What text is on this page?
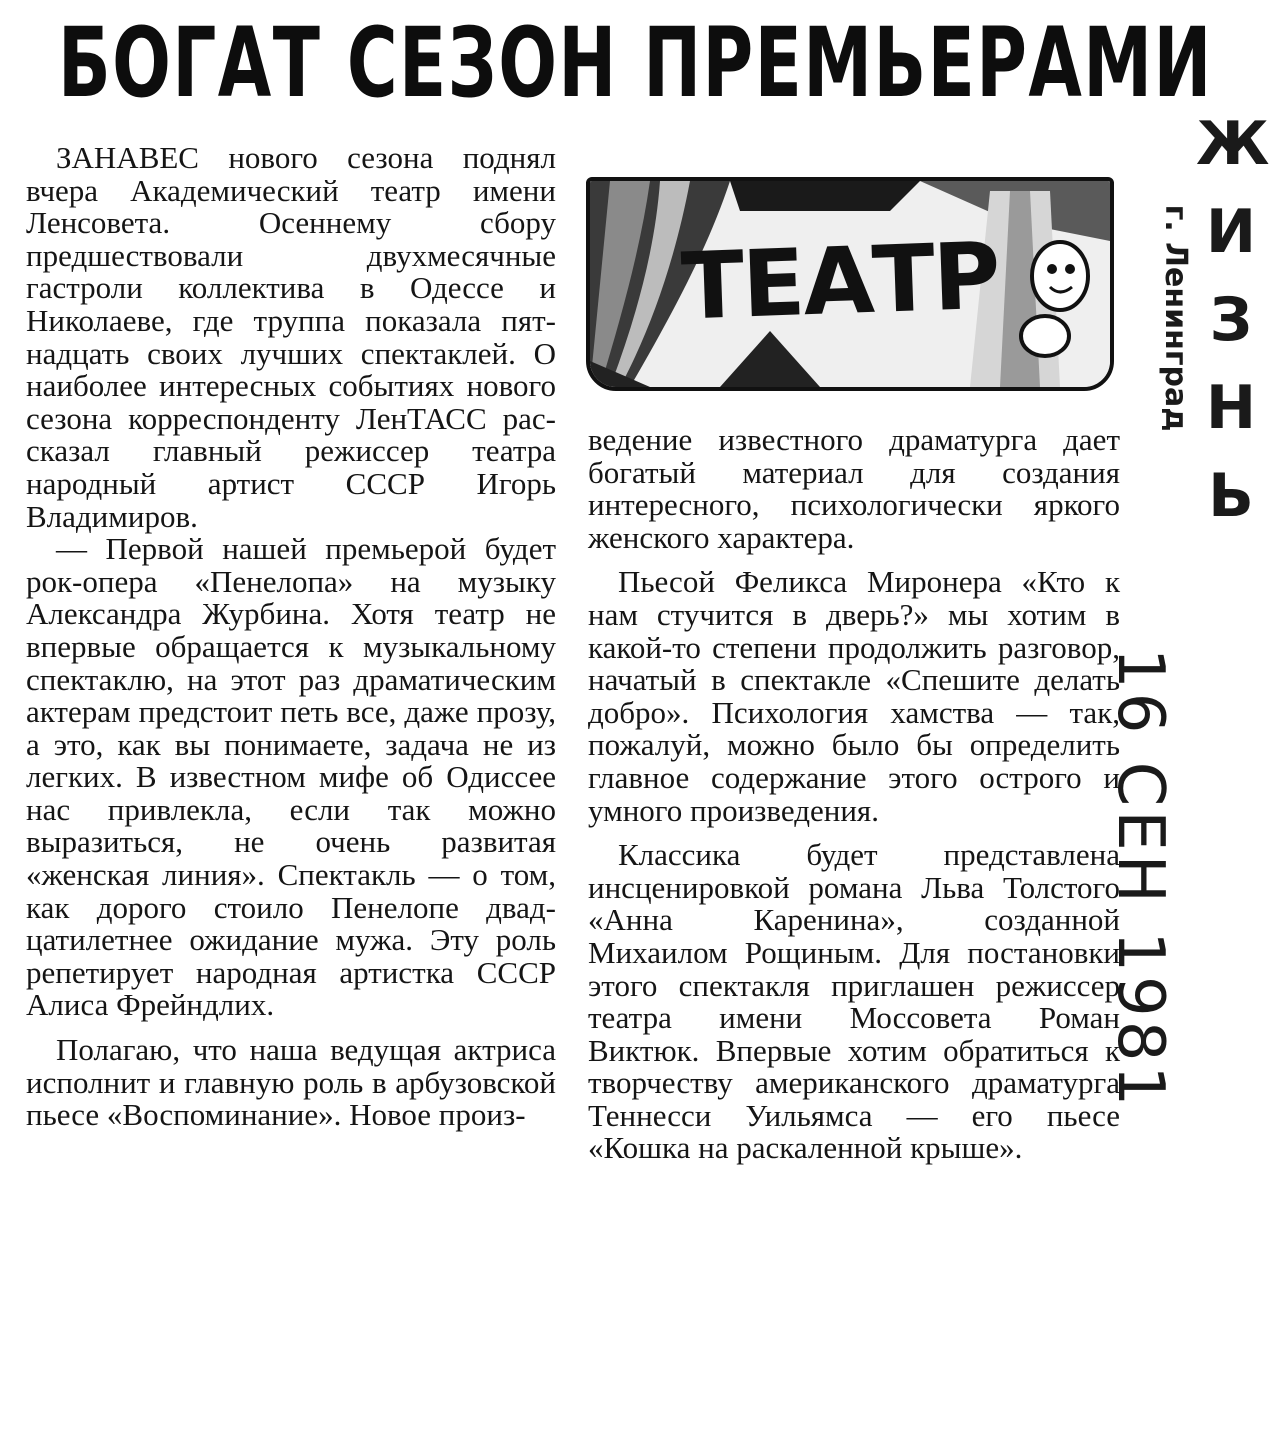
БОГАТ СЕЗОН ПРЕМЬЕРАМИ

ЗАНАВЕС нового сезона поднял вчера Академический театр имени Ленсовета. Осеннему сбору предшествовали двухмесячные гастроли коллектива в Одессе и Николаеве, где труппа показала пятнадцать своих лучших спектаклей. О наиболее интересных событиях нового сезона корреспонденту ЛенТАСС рассказал главный режиссер театра народный артист СССР Игорь Владимиров.

— Первой нашей премьерой будет рок-опера «Пенелопа» на музыку Александра Журбина. Хотя театр не впервые обращается к музыкальному спектаклю, на этот раз драматическим актерам предстоит петь все, даже прозу, а это, как вы понимаете, задача не из легких. В известном мифе об Одиссее нас привлекла, если так можно выразиться, не очень развитая «женская линия». Спектакль — о том, как дорого стоило Пенелопе двадцатилетнее ожидание мужа. Эту роль репетирует народная артистка СССР Алиса Фрейндлих.

Полагаю, что наша ведущая актриса исполнит и главную роль в арбузовской пьесе «Воспоминание». Новое произ-

ТЕАТР

ведение известного драматурга дает богатый материал для создания интересного, психологически яркого женского характера.

Пьесой Феликса Миронера «Кто к нам стучится в дверь?» мы хотим в какой-то степени продолжить разговор, начатый в спектакле «Спешите делать добро». Психология хамства — так, пожалуй, можно было бы определить главное содержание этого острого и умного произведения.

Классика будет представлена инсценировкой романа Льва Толстого «Анна Каренина», созданной Михаилом Рощиным. Для постановки этого спектакля приглашен режиссер театра имени Моссовета Роман Виктюк. Впервые хотим обратиться к творчеству американского драматурга Теннесси Уильямса — его пьесе «Кошка на раскаленной крыше».

Ж
И
З
Н
Ь
г. Ленинград
16 СЕН 1981
